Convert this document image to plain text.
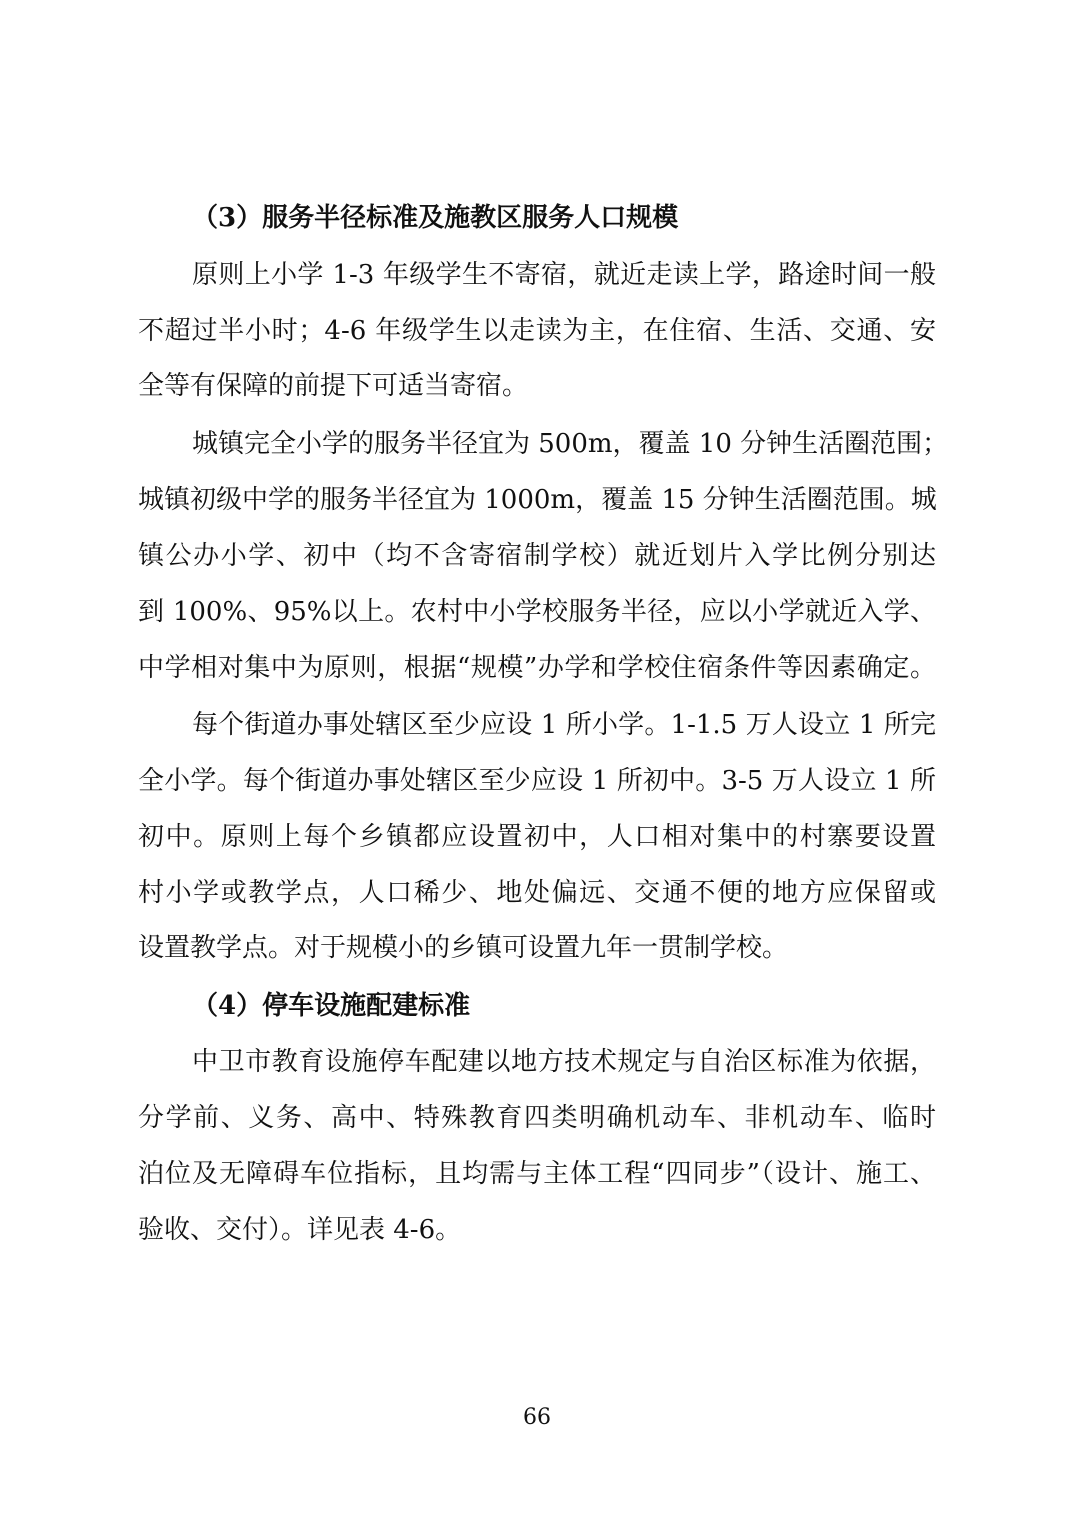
（3）服务半径标准及施教区服务人口规模
原则上小学 1-3 年级学生不寄宿，就近走读上学，路途时间一般
不超过半小时；4-6 年级学生以走读为主，在住宿、生活、交通、安
全等有保障的前提下可适当寄宿。
城镇完全小学的服务半径宜为 500m，覆盖 10 分钟生活圈范围；
城镇初级中学的服务半径宜为 1000m，覆盖 15 分钟生活圈范围。城
镇公办小学、初中（均不含寄宿制学校）就近划片入学比例分别达
到 100%、95%以上。农村中小学校服务半径，应以小学就近入学、
中学相对集中为原则，根据“规模”办学和学校住宿条件等因素确定。
每个街道办事处辖区至少应设 1 所小学。1-1.5 万人设立 1 所完
全小学。每个街道办事处辖区至少应设 1 所初中。3-5 万人设立 1 所
初中。原则上每个乡镇都应设置初中，人口相对集中的村寨要设置
村小学或教学点，人口稀少、地处偏远、交通不便的地方应保留或
设置教学点。对于规模小的乡镇可设置九年一贯制学校。
（4）停车设施配建标准
中卫市教育设施停车配建以地方技术规定与自治区标准为依据，
分学前、义务、高中、特殊教育四类明确机动车、非机动车、临时
泊位及无障碍车位指标，且均需与主体工程“四同步”（设计、施工、
验收、交付）。详见表 4-6。
66
